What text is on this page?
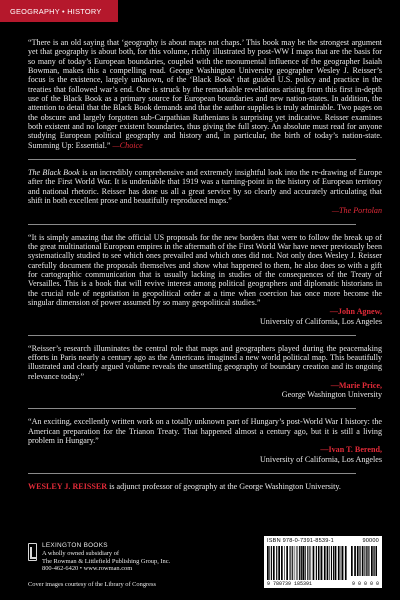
GEOGRAPHY • HISTORY

“There is an old saying that ‘geography is about maps not chaps.’ This book may be the strongest argument yet that geography is about both, for this volume, richly illustrated by post-WW I maps that are the basis for so many of today’s European boundaries, coupled with the monumental influence of the geographer Isaiah Bowman, makes this a compelling read. George Washington University geographer Wesley J. Reisser’s focus is the existence, largely unknown, of the ‘Black Book’ that guided U.S. policy and practice in the treaties that followed war’s end. One is struck by the remarkable revelations arising from this first in-depth use of the Black Book as a primary source for European boundaries and new nation-states. In addition, the attention to detail that the Black Book demands and that the author supplies is truly admirable. Two pages on the obscure and largely forgotten sub-Carpathian Ruthenians is surprising yet indicative. Reisser examines both existent and no longer existent boundaries, thus giving the full story. An absolute must read for anyone studying European political geography and history and, in particular, the birth of today’s nation-state. Summing Up: Essential.” —Choice

The Black Book is an incredibly comprehensive and extremely insightful look into the re-drawing of Europe after the First World War. It is undeniable that 1919 was a turning-point in the history of European territory and national rhetoric. Reisser has done us all a great service by so clearly and accurately articulating that shift in both excellent prose and beautifully reproduced maps.”

—The Portolan

“It is simply amazing that the official US proposals for the new borders that were to follow the break up of the great multinational European empires in the aftermath of the First World War have never previously been systematically studied to see which ones prevailed and which ones did not. Not only does Wesley J. Reisser carefully document the proposals themselves and show what happened to them, he also does so with a gift for cartographic communication that is usually lacking in studies of the consequences of the Treaty of Versailles. This is a book that will revive interest among political geographers and diplomatic historians in the crucial role of negotiation in geopolitical order at a time when coercion has once more become the singular dimension of power assumed by so many geopolitical studies.”

—John Agnew,
University of California, Los Angeles

“Reisser’s research illuminates the central role that maps and geographers played during the peacemaking efforts in Paris nearly a century ago as the Americans imagined a new world political map. This beautifully illustrated and clearly argued volume reveals the unsettling geography of boundary creation and its ongoing relevance today.”

—Marie Price,
George Washington University

“An exciting, excellently written work on a totally unknown part of Hungary’s post-World War I history: the American preparation for the Trianon Treaty. That happened almost a century ago, but it is still a living problem in Hungary.”

—Ivan T. Berend,
University of California, Los Angeles

WESLEY J. REISSER is adjunct professor of geography at the George Washington University.

LEXINGTON BOOKS
A wholly owned subsidiary of
The Rowman & Littlefield Publishing Group, Inc.
800-462-6420 • www.rowman.com
ISBN 978-0-7391-8539-1	90000
9 780739 185391	9 0 0 0 0
Cover images courtesy of the Library of Congress
